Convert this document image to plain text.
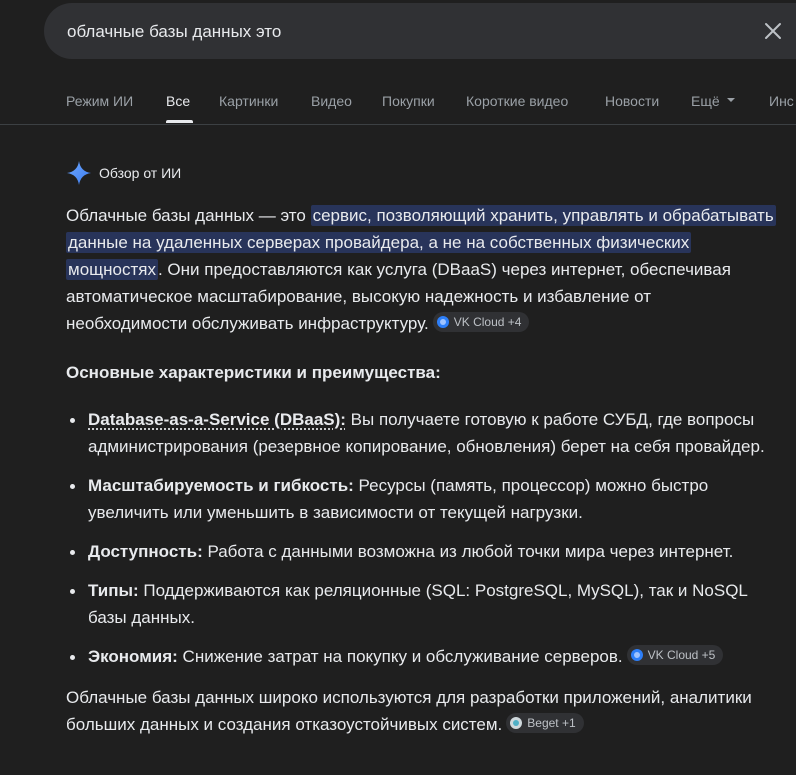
облачные базы данных это
Режим ИИ Все Картинки Видео Покупки Короткие видео	Новости Ещё	Инс
Обзор от ИИ

Облачные базы данных — это сервис, позволяющий хранить, управлять и обрабатывать данные на удаленных серверах провайдера, а не на собственных физических мощностях . Они предоставляются как услуга (DBaaS) через интернет, обеспечивая автоматическое масштабирование, высокую надежность и избавление от необходимости обслуживать инфраструктуру. VK Cloud +4

Основные характеристики и преимущества:

Database-as-a-Service (DBaaS): Вы получаете готовую к работе СУБД, где вопросы администрирования (резервное копирование, обновления) берет на себя провайдер.
Масштабируемость и гибкость: Ресурсы (память, процессор) можно быстро увеличить или уменьшить в зависимости от текущей нагрузки.
Доступность: Работа с данными возможна из любой точки мира через интернет.
Типы: Поддерживаются как реляционные (SQL: PostgreSQL, MySQL), так и NoSQL базы данных.
Экономия: Снижение затрат на покупку и обслуживание серверов. VK Cloud +5

Облачные базы данных широко используются для разработки приложений, аналитики больших данных и создания отказоустойчивых систем. Beget +1
